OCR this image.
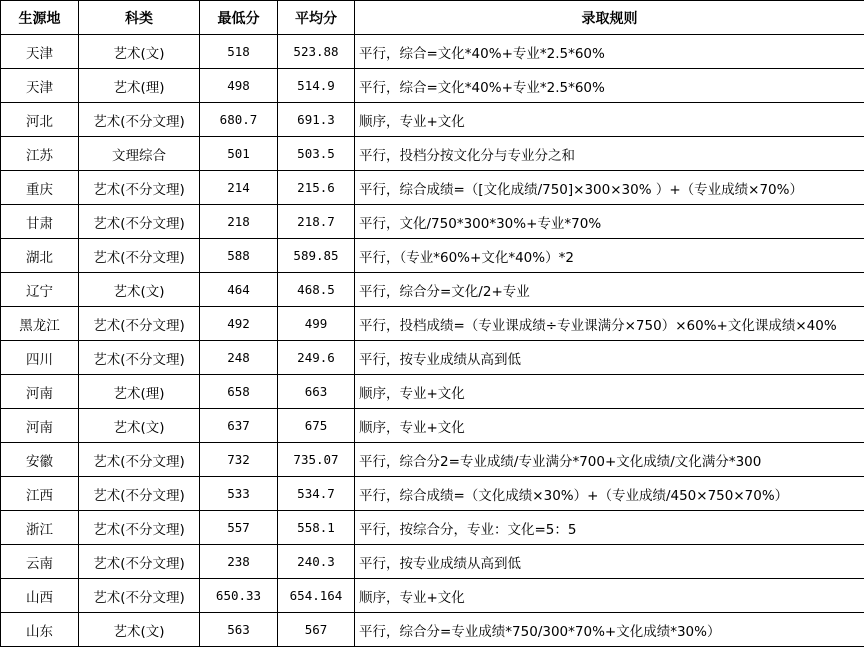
生源地	科类	最低分	平均分	录取规则
天津	艺术(文)	518	523.88	平行，综合=文化*40%+专业*2.5*60%
天津	艺术(理)	498	514.9	平行，综合=文化*40%+专业*2.5*60%
河北	艺术(不分文理)	680.7	691.3	顺序，专业+文化
江苏	文理综合	501	503.5	平行，投档分按文化分与专业分之和
重庆	艺术(不分文理)	214	215.6	平行，综合成绩=（[文化成绩/750]×300×30% ）+（专业成绩×70%）
甘肃	艺术(不分文理)	218	218.7	平行，文化/750*300*30%+专业*70%
湖北	艺术(不分文理)	588	589.85	平行，（专业*60%+文化*40%）*2
辽宁	艺术(文)	464	468.5	平行，综合分=文化/2+专业
黑龙江	艺术(不分文理)	492	499	平行，投档成绩=（专业课成绩÷专业课满分×750）×60%+文化课成绩×40%
四川	艺术(不分文理)	248	249.6	平行，按专业成绩从高到低
河南	艺术(理)	658	663	顺序，专业+文化
河南	艺术(文)	637	675	顺序，专业+文化
安徽	艺术(不分文理)	732	735.07	平行，综合分2=专业成绩/专业满分*700+文化成绩/文化满分*300
江西	艺术(不分文理)	533	534.7	平行，综合成绩=（文化成绩×30%）+（专业成绩/450×750×70%）
浙江	艺术(不分文理)	557	558.1	平行，按综合分，专业：文化=5：5
云南	艺术(不分文理)	238	240.3	平行，按专业成绩从高到低
山西	艺术(不分文理)	650.33	654.164	顺序，专业+文化
山东	艺术(文)	563	567	平行，综合分=专业成绩*750/300*70%+文化成绩*30%）
